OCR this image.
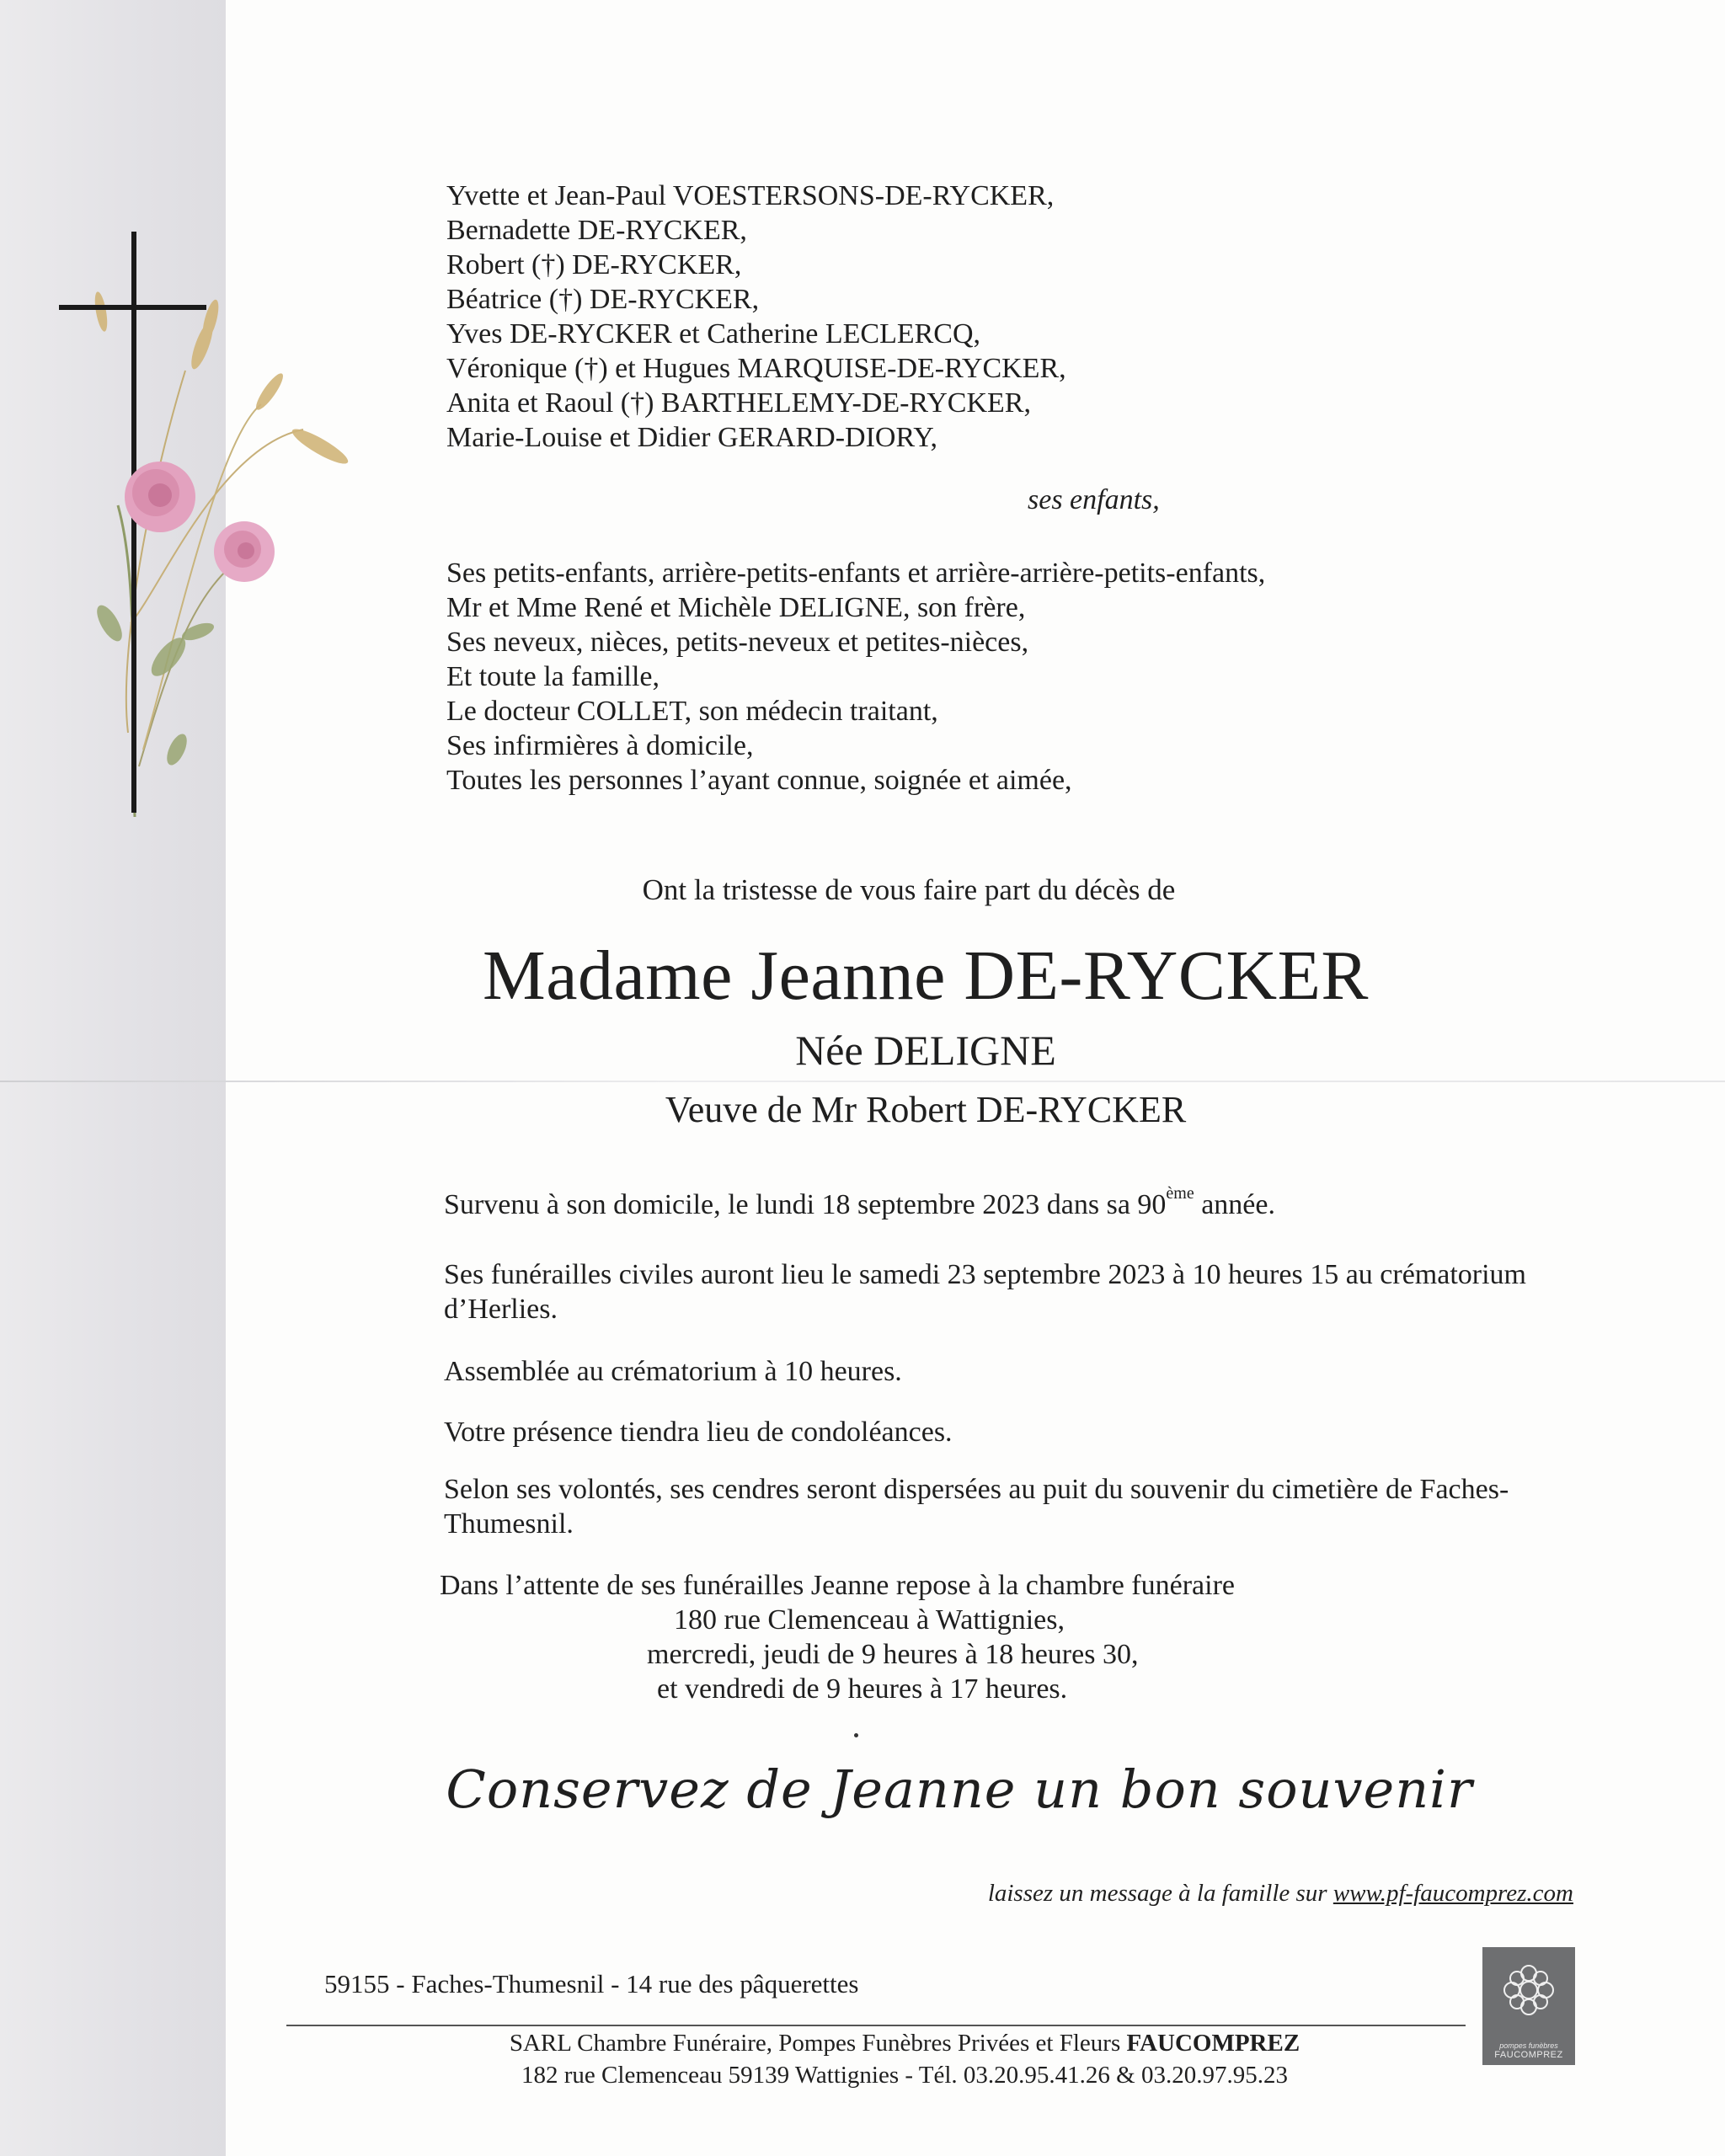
Yvette et Jean-Paul VOESTERSONS-DE-RYCKER,
Bernadette DE-RYCKER,
Robert (†) DE-RYCKER,
Béatrice (†) DE-RYCKER,
Yves DE-RYCKER et Catherine LECLERCQ,
Véronique (†) et Hugues MARQUISE-DE-RYCKER,
Anita et Raoul (†) BARTHELEMY-DE-RYCKER,
Marie-Louise et Didier GERARD-DIORY,
ses enfants,
Ses petits-enfants, arrière-petits-enfants et arrière-arrière-petits-enfants,
Mr et Mme René et Michèle DELIGNE, son frère,
Ses neveux, nièces, petits-neveux et petites-nièces,
Et toute la famille,
Le docteur COLLET, son médecin traitant,
Ses infirmières à domicile,
Toutes les personnes l’ayant connue, soignée et aimée,
Ont la tristesse de vous faire part du décès de
Madame Jeanne DE-RYCKER
Née DELIGNE
Veuve de Mr Robert DE-RYCKER
Survenu à son domicile, le lundi 18 septembre 2023 dans sa 90ème année.
Ses funérailles civiles auront lieu le samedi 23 septembre 2023 à 10 heures 15 au crématorium d’Herlies.
Assemblée au crématorium à 10 heures.
Votre présence tiendra lieu de condoléances.
Selon ses volontés, ses cendres seront dispersées au puit du souvenir du cimetière de Faches-Thumesnil.
Dans l’attente de ses funérailles Jeanne repose à la chambre funéraire
180 rue Clemenceau à Wattignies,
mercredi, jeudi de 9 heures à 18 heures 30,
et vendredi de 9 heures à 17 heures.
Conservez de Jeanne un bon souvenir
laissez un message à la famille sur www.pf-faucomprez.com
59155 - Faches-Thumesnil - 14 rue des pâquerettes
SARL Chambre Funéraire, Pompes Funèbres Privées et Fleurs FAUCOMPREZ
182 rue Clemenceau 59139 Wattignies - Tél. 03.20.95.41.26 & 03.20.97.95.23
pompes funèbres
FAUCOMPREZ
